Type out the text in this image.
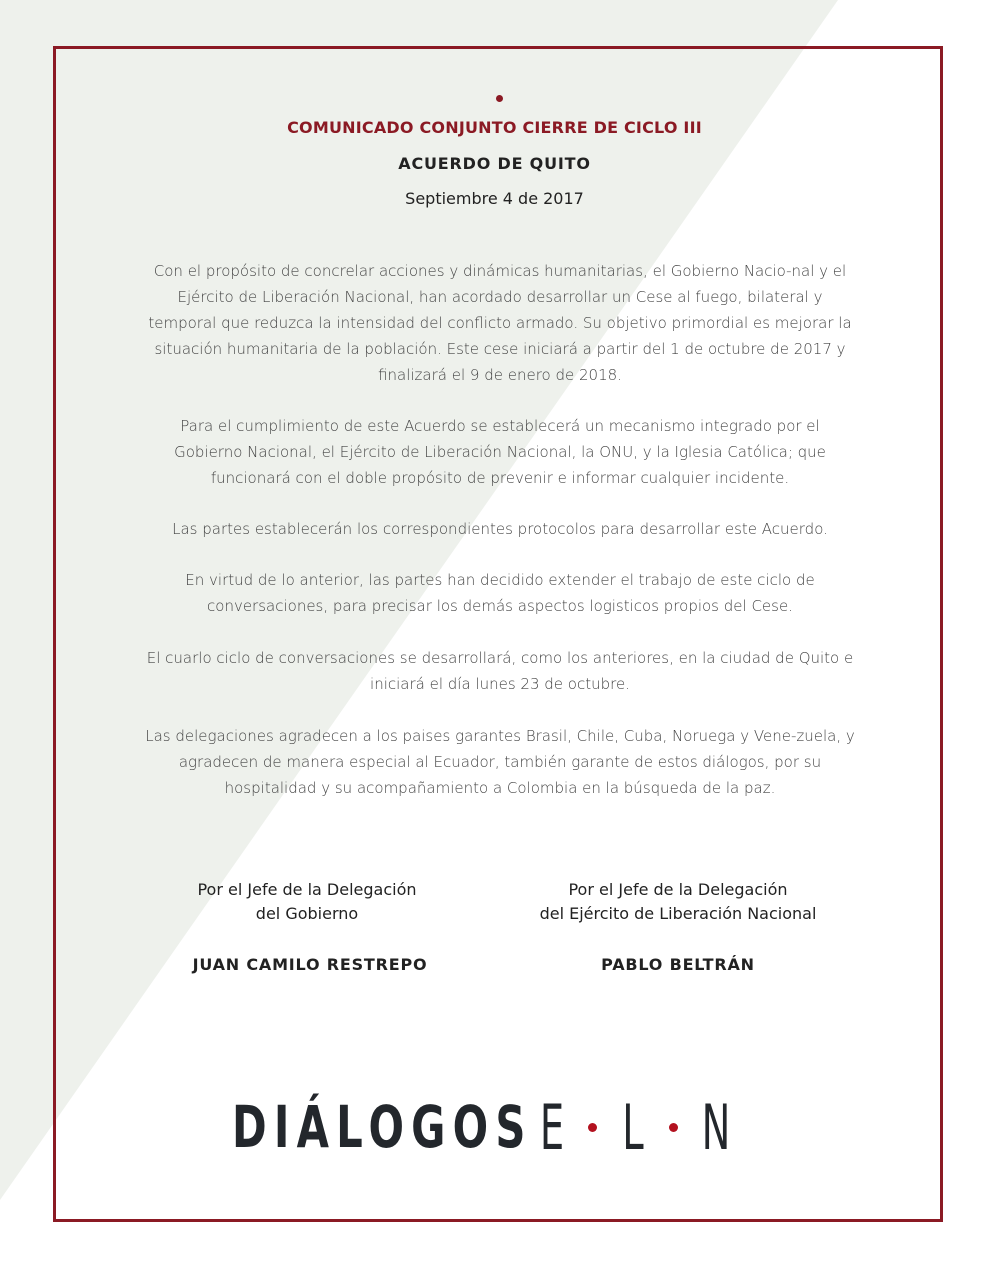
COMUNICADO CONJUNTO CIERRE DE CICLO III
ACUERDO DE QUITO
Septiembre 4 de 2017
Con el propósito de concrelar acciones y dinámicas humanitarias, el Gobierno Nacio-nal y el Ejército de Liberación Nacional, han acordado desarrollar un Cese al fuego, bilateral y temporal que reduzca la intensidad del conflicto armado. Su objetivo primordial es mejorar la situación humanitaria de la población. Este cese iniciará a partir del 1 de octubre de 2017 y finalizará el 9 de enero de 2018.
Para el cumplimiento de este Acuerdo se establecerá un mecanismo integrado por el Gobierno Nacional, el Ejército de Liberación Nacional, la ONU, y la Iglesia Católica; que funcionará con el doble propósito de prevenir e informar cualquier incidente.
Las partes establecerán los correspondientes protocolos para desarrollar este Acuerdo.
En virtud de lo anterior, las partes han decidido extender el trabajo de este ciclo de conversaciones, para precisar los demás aspectos logisticos propios del Cese.
El cuarlo ciclo de conversaciones se desarrollará, como los anteriores, en la ciudad de Quito e iniciará el día lunes 23 de octubre.
Las delegaciones agradecen a los paises garantes Brasil, Chile, Cuba, Noruega y Vene-zuela, y agradecen de manera especial al Ecuador, también garante de estos diálogos, por su hospitalidad y su acompañamiento a Colombia en la búsqueda de la paz.
Por el Jefe de la Delegación
del Gobierno
Por el Jefe de la Delegación
del Ejército de Liberación Nacional
JUAN CAMILO RESTREPO	PABLO BELTRÁN
DIÁLOGOS E L N
